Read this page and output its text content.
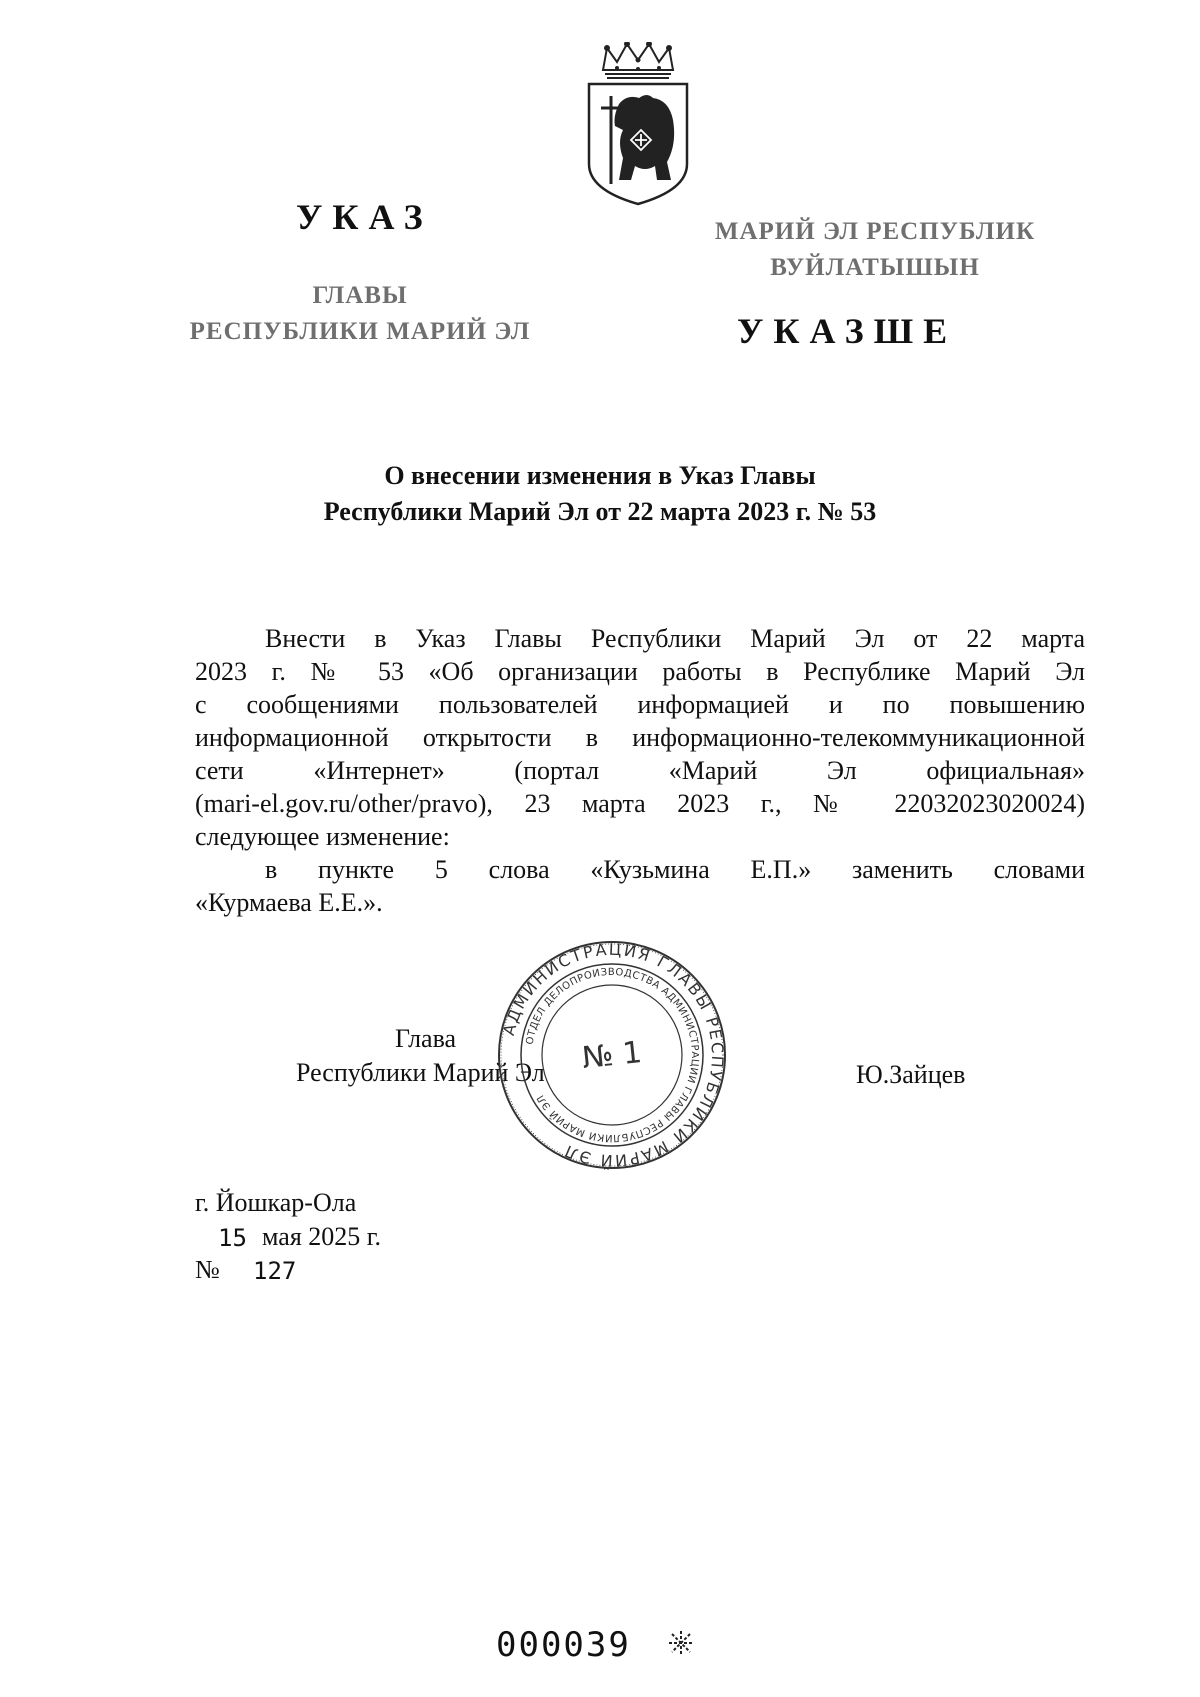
УКАЗ
ГЛАВЫ
РЕСПУБЛИКИ МАРИЙ ЭЛ
МАРИЙ ЭЛ РЕСПУБЛИК
ВУЙЛАТЫШЫН
УКАЗШЕ
О внесении изменения в Указ Главы
Республики Марий Эл от 22 марта 2023 г. № 53
Внести в Указ Главы Республики Марий Эл от 22 марта
2023 г. № 53 «Об организации работы в Республике Марий Эл
с сообщениями пользователей информацией и по повышению
информационной открытости в информационно-телекоммуникационной
сети «Интернет» (портал «Марий Эл официальная»
(mari-el.gov.ru/other/pravo), 23 марта 2023 г., № 22032023020024)
следующее изменение:
в пункте 5 слова «Кузьмина Е.П.» заменить словами
«Курмаева Е.Е.».
Глава
Республики Марий Эл	Ю.Зайцев
АДМИНИСТРАЦИЯ ГЛАВЫ РЕСПУБЛИКИ МАРИЙ ЭЛ
ОТДЕЛ ДЕЛОПРОИЗВОДСТВА АДМИНИСТРАЦИИ ГЛАВЫ РЕСПУБЛИКИ МАРИЙ ЭЛ
№ 1
г. Йошкар-Ола
15 мая 2025 г.
№ 127
000039
